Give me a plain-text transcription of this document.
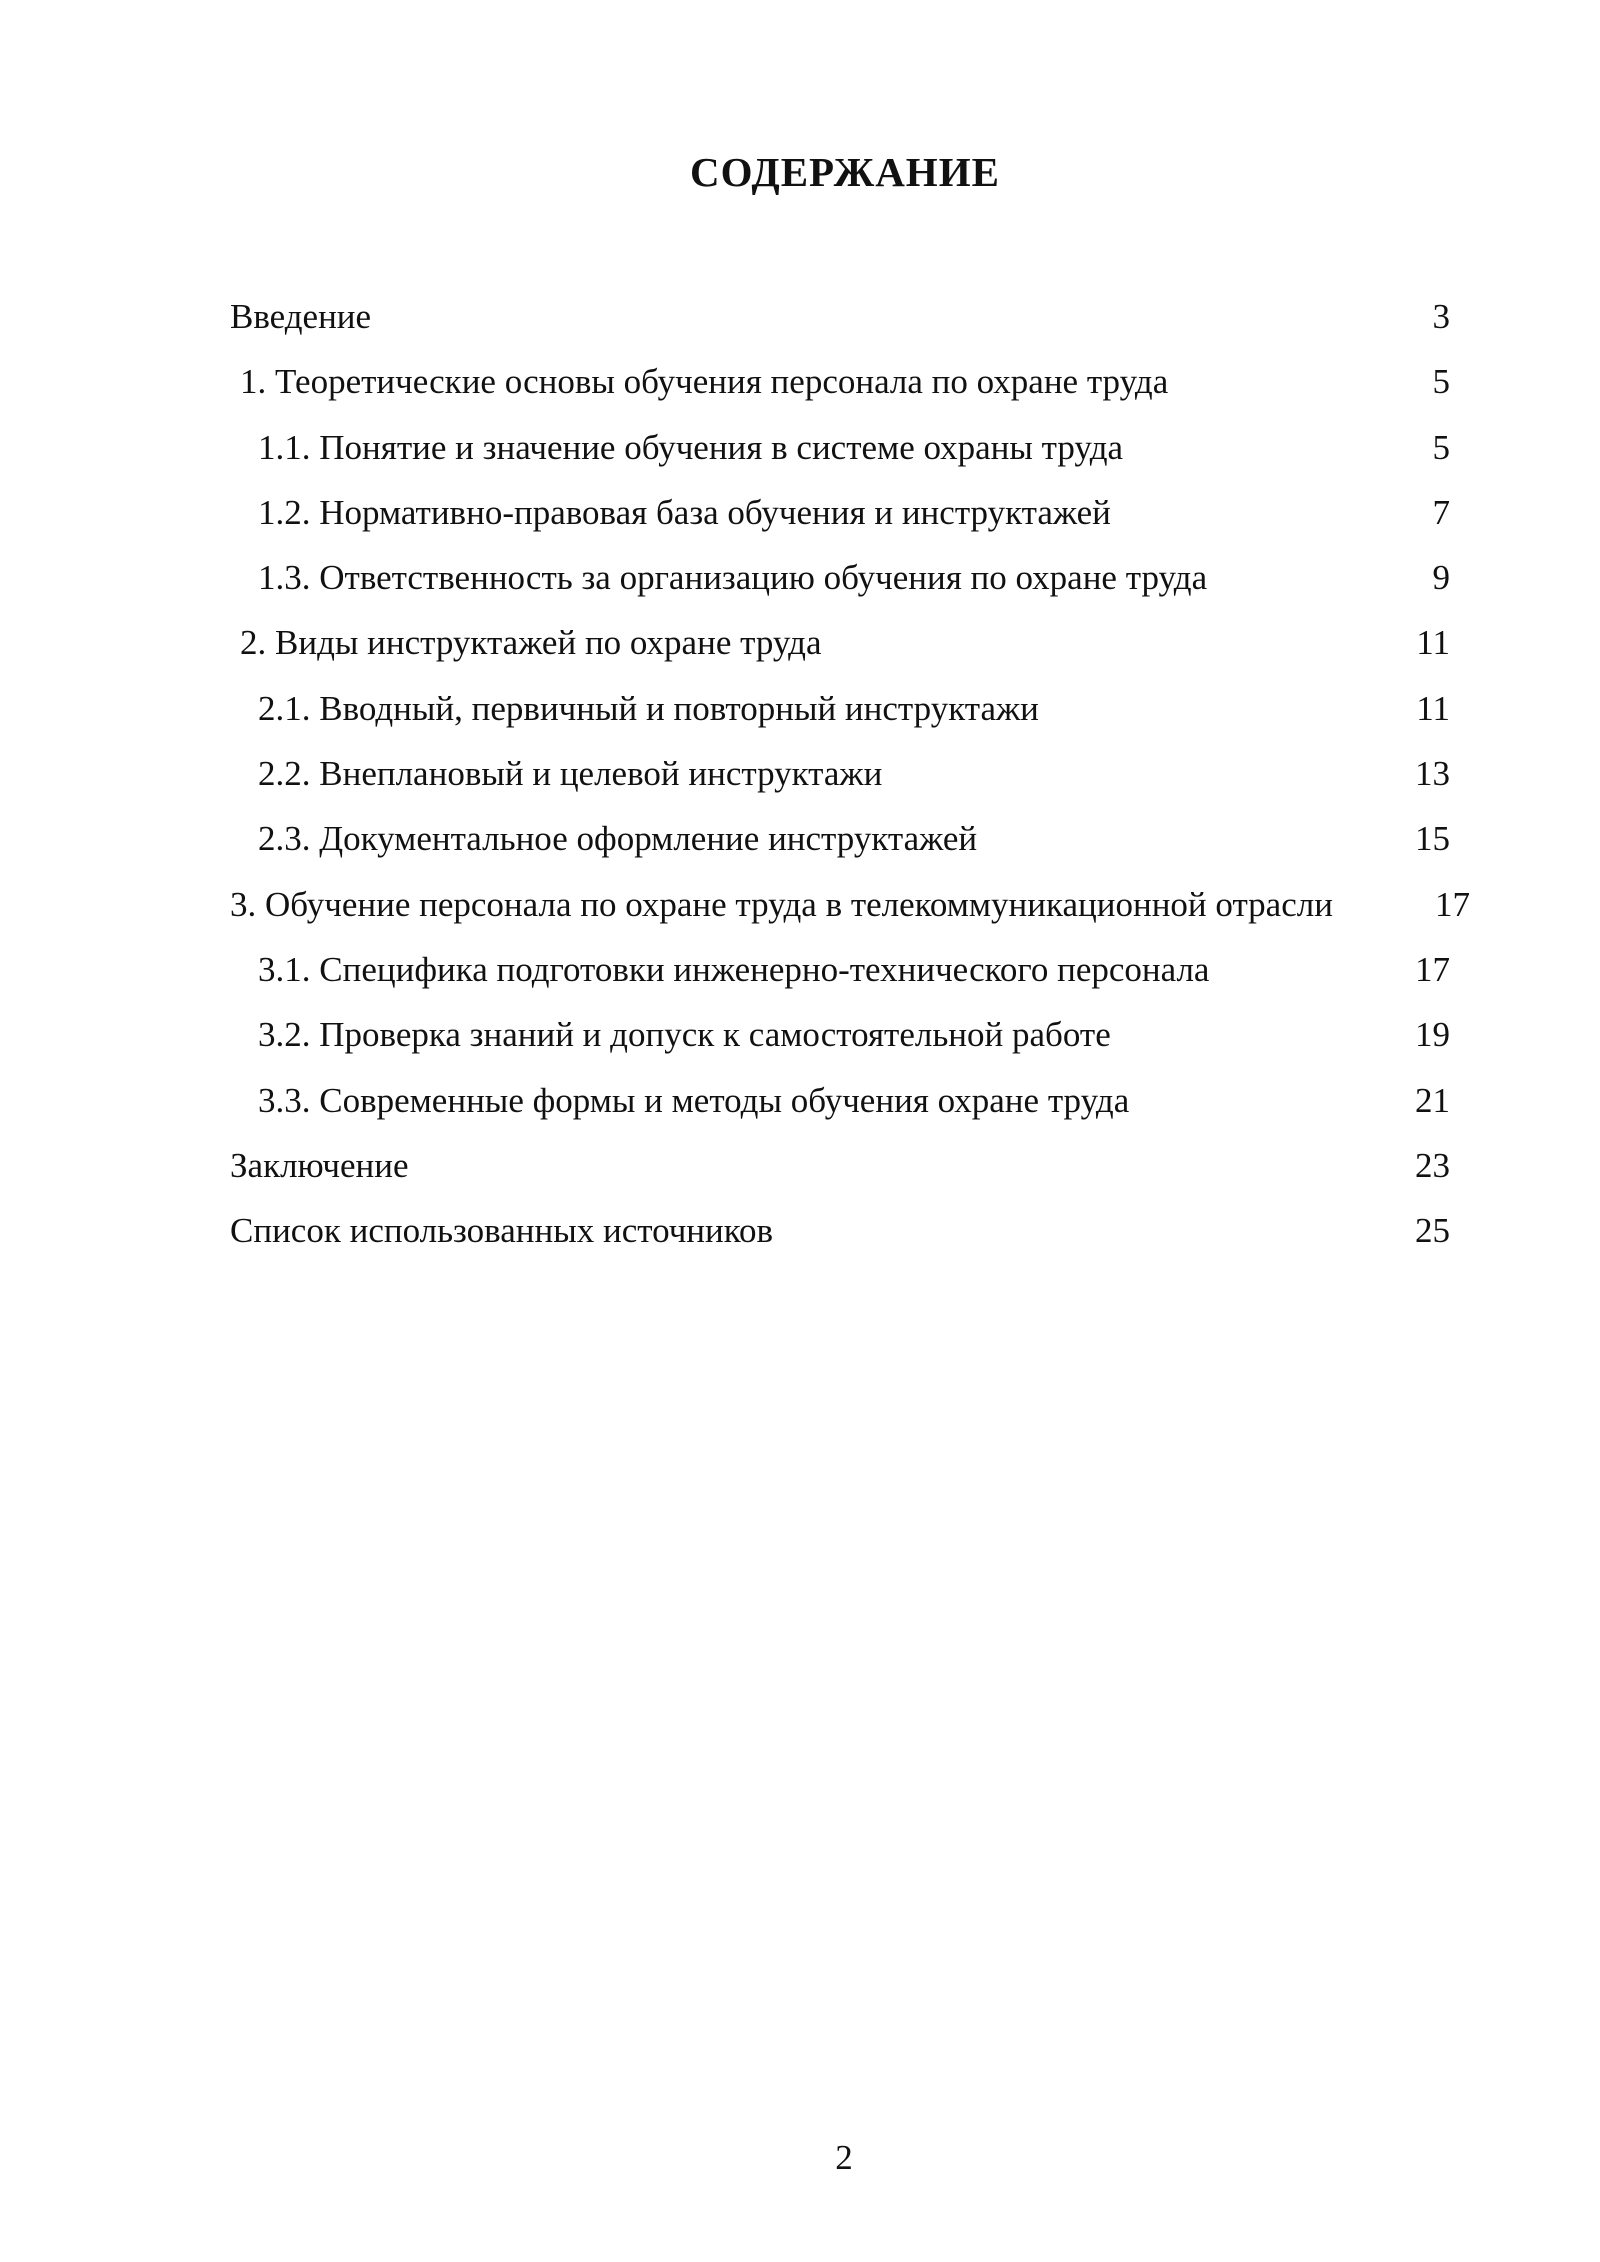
СОДЕРЖАНИЕ
Введение	3
1. Теоретические основы обучения персонала по охране труда	5
1.1. Понятие и значение обучения в системе охраны труда	5
1.2. Нормативно-правовая база обучения и инструктажей	7
1.3. Ответственность за организацию обучения по охране труда	9
2. Виды инструктажей по охране труда	11
2.1. Вводный, первичный и повторный инструктажи	11
2.2. Внеплановый и целевой инструктажи	13
2.3. Документальное оформление инструктажей	15
3. Обучение персонала по охране труда в телекоммуникационной отрасли	17
3.1. Специфика подготовки инженерно-технического персонала	17
3.2. Проверка знаний и допуск к самостоятельной работе	19
3.3. Современные формы и методы обучения охране труда	21
Заключение	23
Список использованных источников	25
2
